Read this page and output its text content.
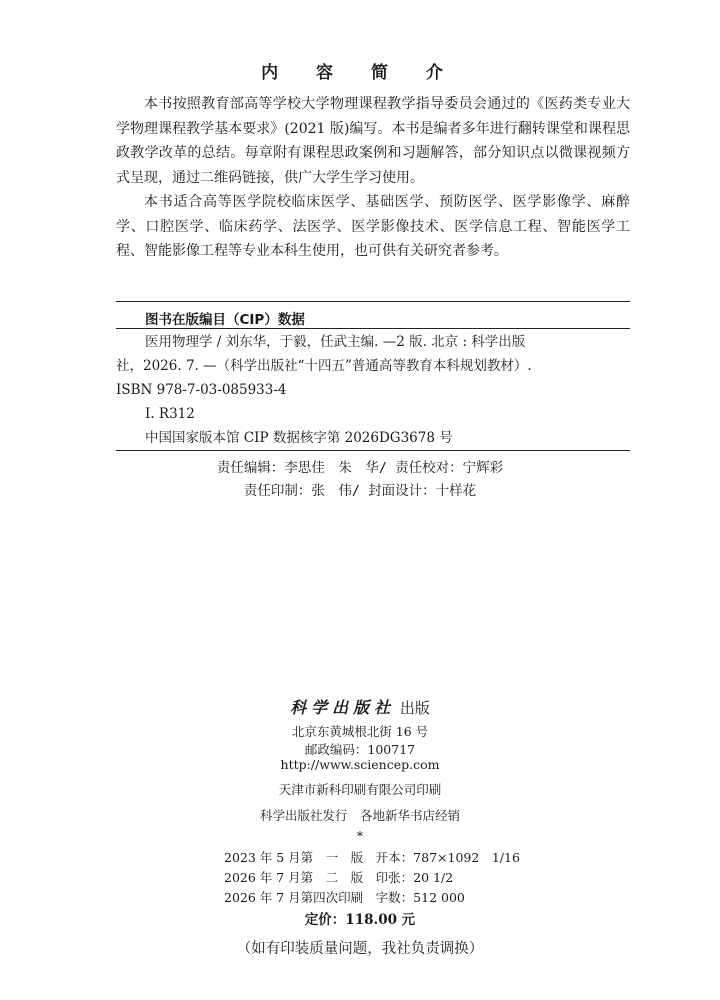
内 容 简 介

本书按照教育部高等学校大学物理课程教学指导委员会通过的《医药类专业大学物理课程教学基本要求》(2021 版)编写。本书是编者多年进行翻转课堂和课程思政教学改革的总结。每章附有课程思政案例和习题解答，部分知识点以微课视频方式呈现，通过二维码链接，供广大学生学习使用。

本书适合高等医学院校临床医学、基础医学、预防医学、医学影像学、麻醉学、口腔医学、临床药学、法医学、医学影像技术、医学信息工程、智能医学工程、智能影像工程等专业本科生使用，也可供有关研究者参考。

图书在版编目（CIP）数据
医用物理学 / 刘东华，于毅，任武主编. —2 版. 北京 : 科学出版
社，2026. 7. —（科学出版社“十四五”普通高等教育本科规划教材）.
ISBN 978-7-03-085933-4
Ⅰ. R312
中国国家版本馆 CIP 数据核字第 2026DG3678 号
责任编辑：李思佳　朱　华/ 责任校对：宁辉彩
责任印制：张　伟/ 封面设计：十样花
科学出版社 出版
北京东黄城根北街 16 号
邮政编码：100717
http://www.sciencep.com
天津市新科印刷有限公司印刷
科学出版社发行　各地新华书店经销
*
2023 年 5 月第　一　版　开本：787×1092　1/16
2026 年 7 月第　二　版　印张：20 1/2
2026 年 7 月第四次印刷　字数：512 000
定价：118.00 元
（如有印装质量问题，我社负责调换）
